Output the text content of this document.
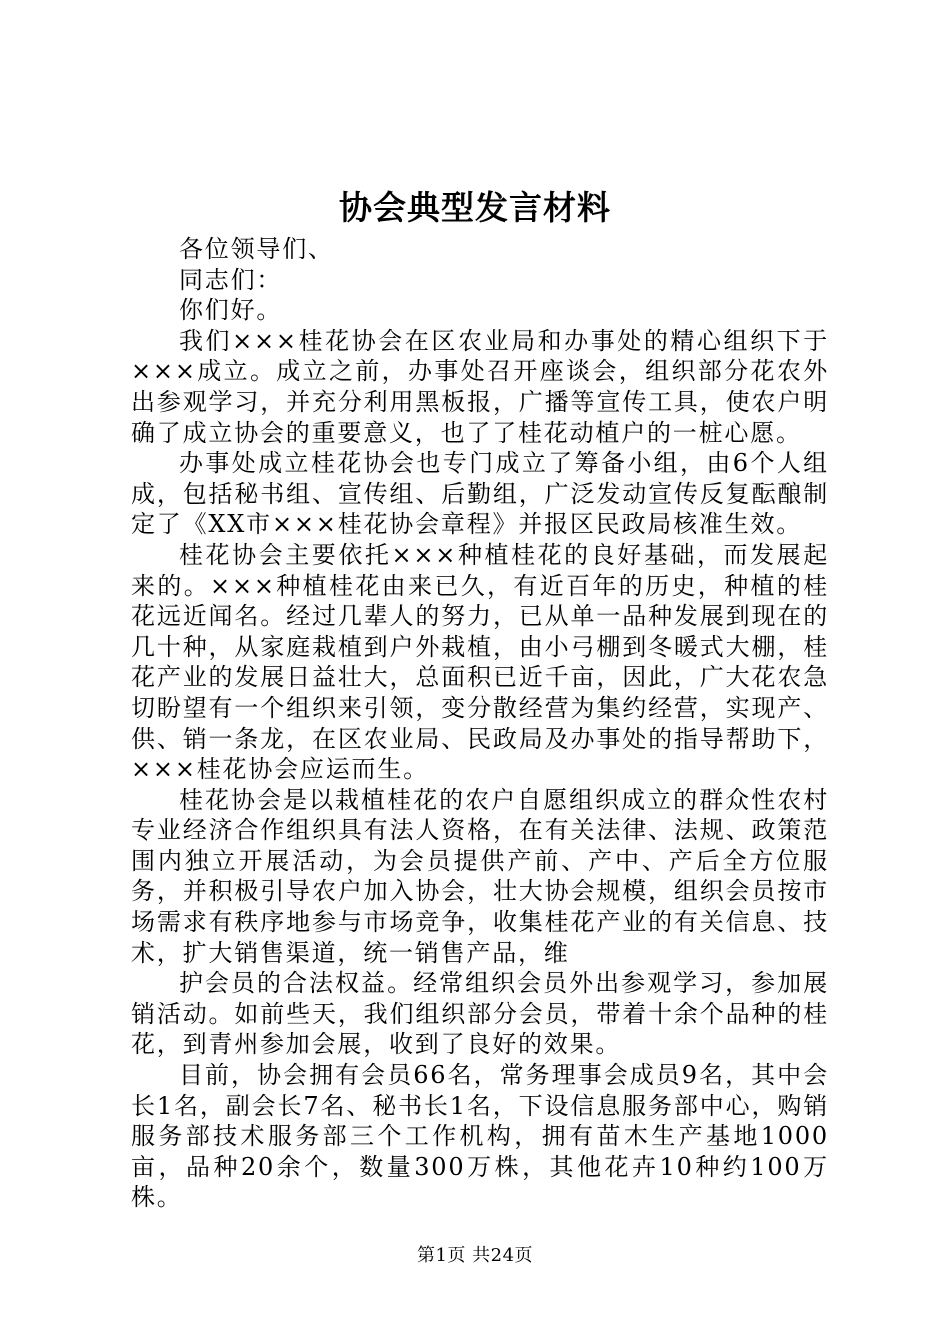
协会典型发言材料

各位领导们、

同志们：

你们好。

我们×××桂花协会在区农业局和办事处的精心组织下于×××成立。成立之前，办事处召开座谈会，组织部分花农外出参观学习，并充分利用黑板报，广播等宣传工具，使农户明确了成立协会的重要意义，也了了桂花动植户的一桩心愿。

办事处成立桂花协会也专门成立了筹备小组，由6个人组成，包括秘书组、宣传组、后勤组，广泛发动宣传反复酝酿制定了《XX市×××桂花协会章程》并报区民政局核准生效。

桂花协会主要依托×××种植桂花的良好基础，而发展起来的。×××种植桂花由来已久，有近百年的历史，种植的桂花远近闻名。经过几辈人的努力，已从单一品种发展到现在的几十种，从家庭栽植到户外栽植，由小弓棚到冬暖式大棚，桂花产业的发展日益壮大，总面积已近千亩，因此，广大花农急切盼望有一个组织来引领，变分散经营为集约经营，实现产、供、销一条龙，在区农业局、民政局及办事处的指导帮助下，×××桂花协会应运而生。

桂花协会是以栽植桂花的农户自愿组织成立的群众性农村专业经济合作组织具有法人资格，在有关法律、法规、政策范围内独立开展活动，为会员提供产前、产中、产后全方位服务，并积极引导农户加入协会，壮大协会规模，组织会员按市场需求有秩序地参与市场竞争，收集桂花产业的有关信息、技术，扩大销售渠道，统一销售产品，维

护会员的合法权益。经常组织会员外出参观学习，参加展销活动。如前些天，我们组织部分会员，带着十余个品种的桂花，到青州参加会展，收到了良好的效果。

目前，协会拥有会员66名，常务理事会成员9名，其中会长1名，副会长7名、秘书长1名，下设信息服务部中心，购销服务部技术服务部三个工作机构，拥有苗木生产基地1000亩，品种20余个，数量300万株，其他花卉10种约100万株。

第1页 共24页
